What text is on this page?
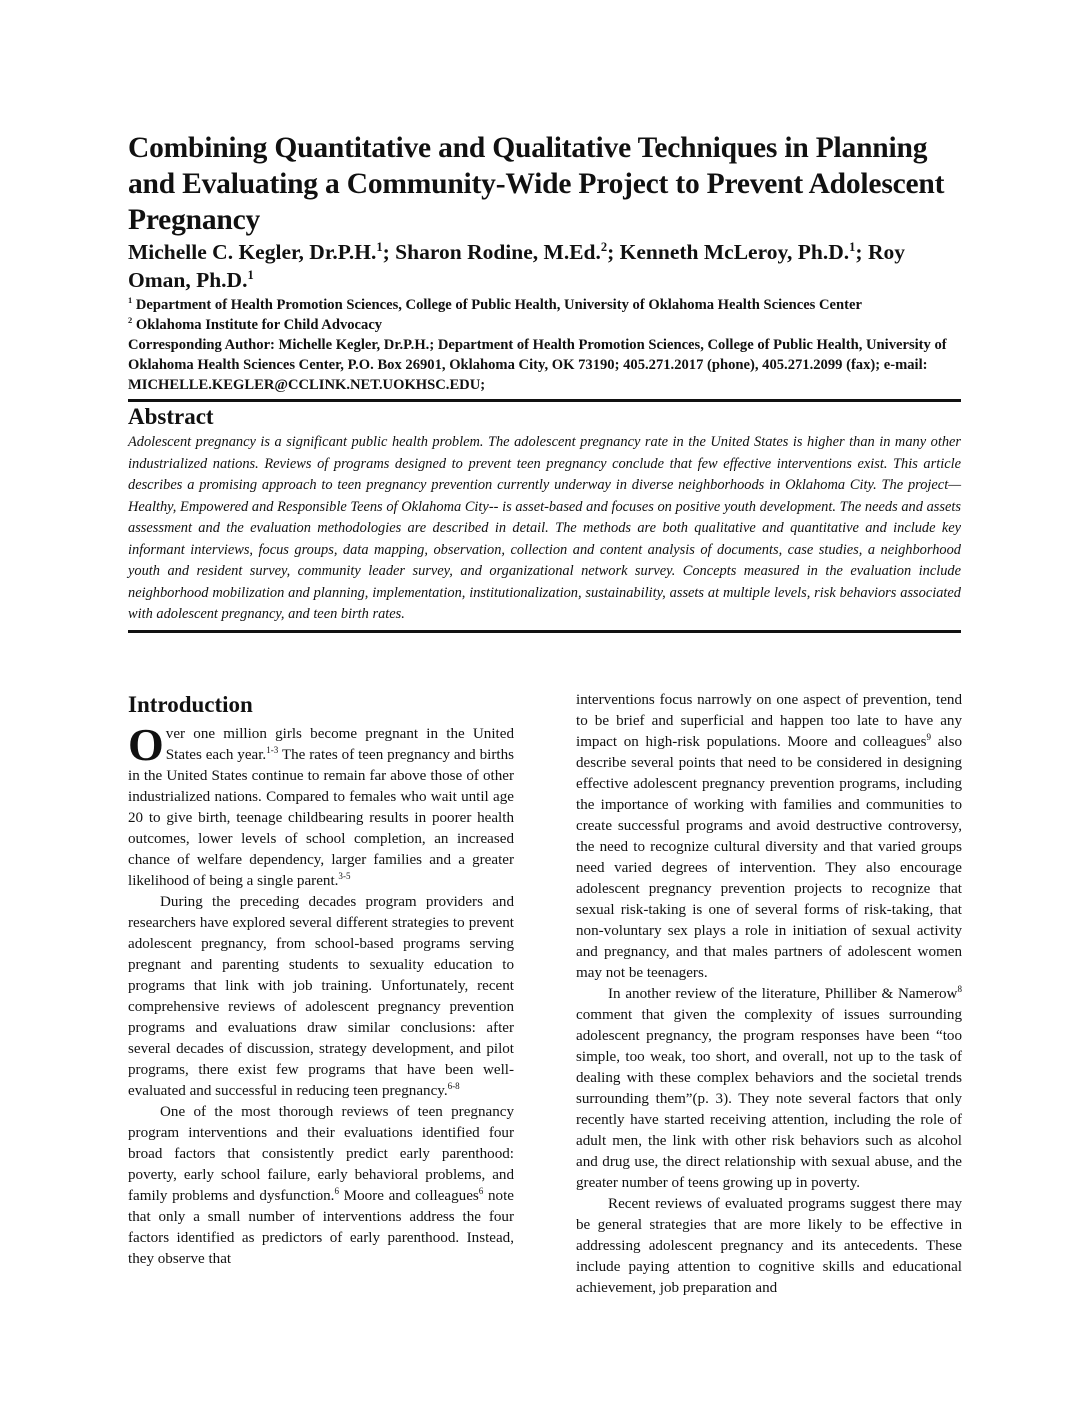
Combining Quantitative and Qualitative Techniques in Planning and Evaluating a Community-Wide Project to Prevent Adolescent Pregnancy

Michelle C. Kegler, Dr.P.H.$^1$; Sharon Rodine, M.Ed.$^2$; Kenneth McLeroy, Ph.D.$^1$; Roy Oman, Ph.D.$^1$

$^1$ Department of Health Promotion Sciences, College of Public Health, University of Oklahoma Health Sciences Center

$^2$ Oklahoma Institute for Child Advocacy

Corresponding Author: Michelle Kegler, Dr.P.H.; Department of Health Promotion Sciences, College of Public Health, University of Oklahoma Health Sciences Center, P.O. Box 26901, Oklahoma City, OK 73190; 405.271.2017 (phone), 405.271.2099 (fax); e-mail: MICHELLE.KEGLER@CCLINK.NET.UOKHSC.EDU;

Abstract

Adolescent pregnancy is a significant public health problem. The adolescent pregnancy rate in the United States is higher than in many other industrialized nations. Reviews of programs designed to prevent teen pregnancy conclude that few effective interventions exist. This article describes a promising approach to teen pregnancy prevention currently underway in diverse neighborhoods in Oklahoma City. The project—Healthy, Empowered and Responsible Teens of Oklahoma City-- is asset-based and focuses on positive youth development. The needs and assets assessment and the evaluation methodologies are described in detail. The methods are both qualitative and quantitative and include key informant interviews, focus groups, data mapping, observation, collection and content analysis of documents, case studies, a neighborhood youth and resident survey, community leader survey, and organizational network survey. Concepts measured in the evaluation include neighborhood mobilization and planning, implementation, institutionalization, sustainability, assets at multiple levels, risk behaviors associated with adolescent pregnancy, and teen birth rates.

Introduction

Over one million girls become pregnant in the United States each year.$^{1-3}$ The rates of teen pregnancy and births in the United States continue to remain far above those of other industrialized nations. Compared to females who wait until age 20 to give birth, teenage childbearing results in poorer health outcomes, lower levels of school completion, an increased chance of welfare dependency, larger families and a greater likelihood of being a single parent.$^{3-5}$

During the preceding decades program providers and researchers have explored several different strategies to prevent adolescent pregnancy, from school-based programs serving pregnant and parenting students to sexuality education to programs that link with job training. Unfortunately, recent comprehensive reviews of adolescent pregnancy prevention programs and evaluations draw similar conclusions: after several decades of discussion, strategy development, and pilot programs, there exist few programs that have been well-evaluated and successful in reducing teen pregnancy.$^{6-8}$

One of the most thorough reviews of teen pregnancy program interventions and their evaluations identified four broad factors that consistently predict early parenthood: poverty, early school failure, early behavioral problems, and family problems and dysfunction.$^6$ Moore and colleagues$^6$ note that only a small number of interventions address the four factors identified as predictors of early parenthood. Instead, they observe that

interventions focus narrowly on one aspect of prevention, tend to be brief and superficial and happen too late to have any impact on high-risk populations. Moore and colleagues$^9$ also describe several points that need to be considered in designing effective adolescent pregnancy prevention programs, including the importance of working with families and communities to create successful programs and avoid destructive controversy, the need to recognize cultural diversity and that varied groups need varied degrees of intervention. They also encourage adolescent pregnancy prevention projects to recognize that sexual risk-taking is one of several forms of risk-taking, that non-voluntary sex plays a role in initiation of sexual activity and pregnancy, and that males partners of adolescent women may not be teenagers.

In another review of the literature, Philliber & Namerow$^8$ comment that given the complexity of issues surrounding adolescent pregnancy, the program responses have been “too simple, too weak, too short, and overall, not up to the task of dealing with these complex behaviors and the societal trends surrounding them”(p. 3). They note several factors that only recently have started receiving attention, including the role of adult men, the link with other risk behaviors such as alcohol and drug use, the direct relationship with sexual abuse, and the greater number of teens growing up in poverty.

Recent reviews of evaluated programs suggest there may be general strategies that are more likely to be effective in addressing adolescent pregnancy and its antecedents. These include paying attention to cognitive skills and educational achievement, job preparation and
